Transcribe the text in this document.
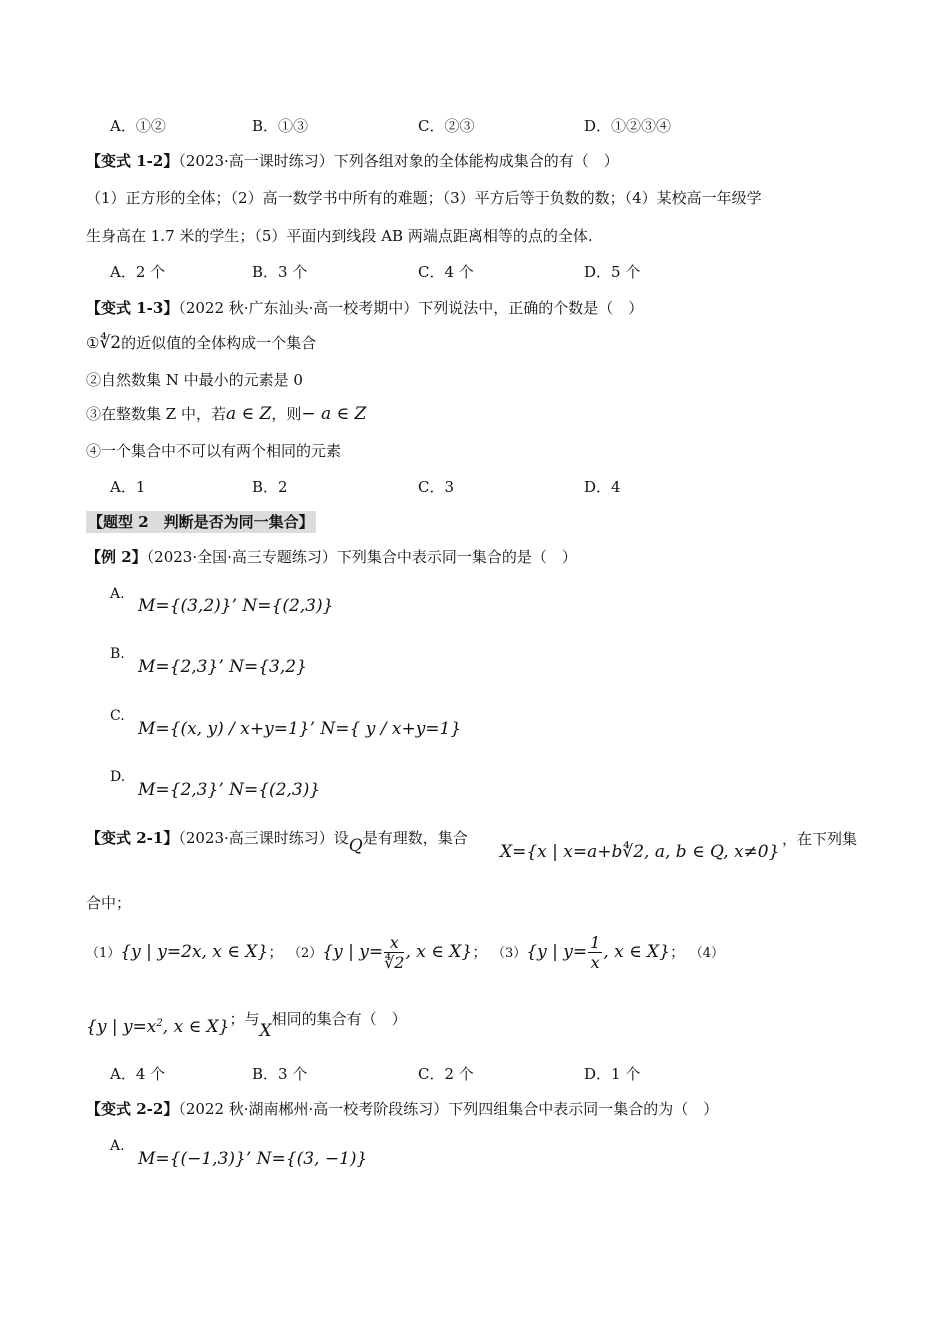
A．①②	B．①③	C．②③	D．①②③④
【变式 1-2】（2023·高一课时练习）下列各组对象的全体能构成集合的有（　）
（1）正方形的全体；（2）高一数学书中所有的难题；（3）平方后等于负数的数；（4）某校高一年级学
生身高在 1.7 米的学生；（5）平面内到线段 AB 两端点距离相等的点的全体.
A．2 个	B．3 个	C．4 个	D．5 个
【变式 1-3】（2022 秋·广东汕头·高一校考期中）下列说法中，正确的个数是（　）
①∜2的近似值的全体构成一个集合
②自然数集 N 中最小的元素是 0
③在整数集 Z 中，若a ∈ Z，则− a ∈ Z
④一个集合中不可以有两个相同的元素
A．1	B．2	C．3	D．4
【题型 2　判断是否为同一集合】
【例 2】（2023·全国·高三专题练习）下列集合中表示同一集合的是（　）
A.
M={(3,2)}’ N={(2,3)}
B.
M={2,3}’ N={3,2}
C.
M={(x, y) / x+y=1}’ N={ y / x+y=1}
D.
M={2,3}’ N={(2,3)}
【变式 2-1】（2023·高三课时练习）设Q是有理数，集合
X={x | x=a+b∜2, a, b ∈ Q, x≠0}
，在下列集
合中；
（1）{y | y=2x, x ∈ X}； （2）{y | $y= \frac{x}{∜2}$ , x ∈ X}； （3）{y | $y= \frac{1}{x}$ , x ∈ X}； （4）
{y | $y=x^2$, x ∈ X}；与X相同的集合有（　）
A．4 个	B．3 个	C．2 个	D．1 个
【变式 2-2】（2022 秋·湖南郴州·高一校考阶段练习）下列四组集合中表示同一集合的为（　）
A.
M={(−1,3)}’ N={(3, −1)}
